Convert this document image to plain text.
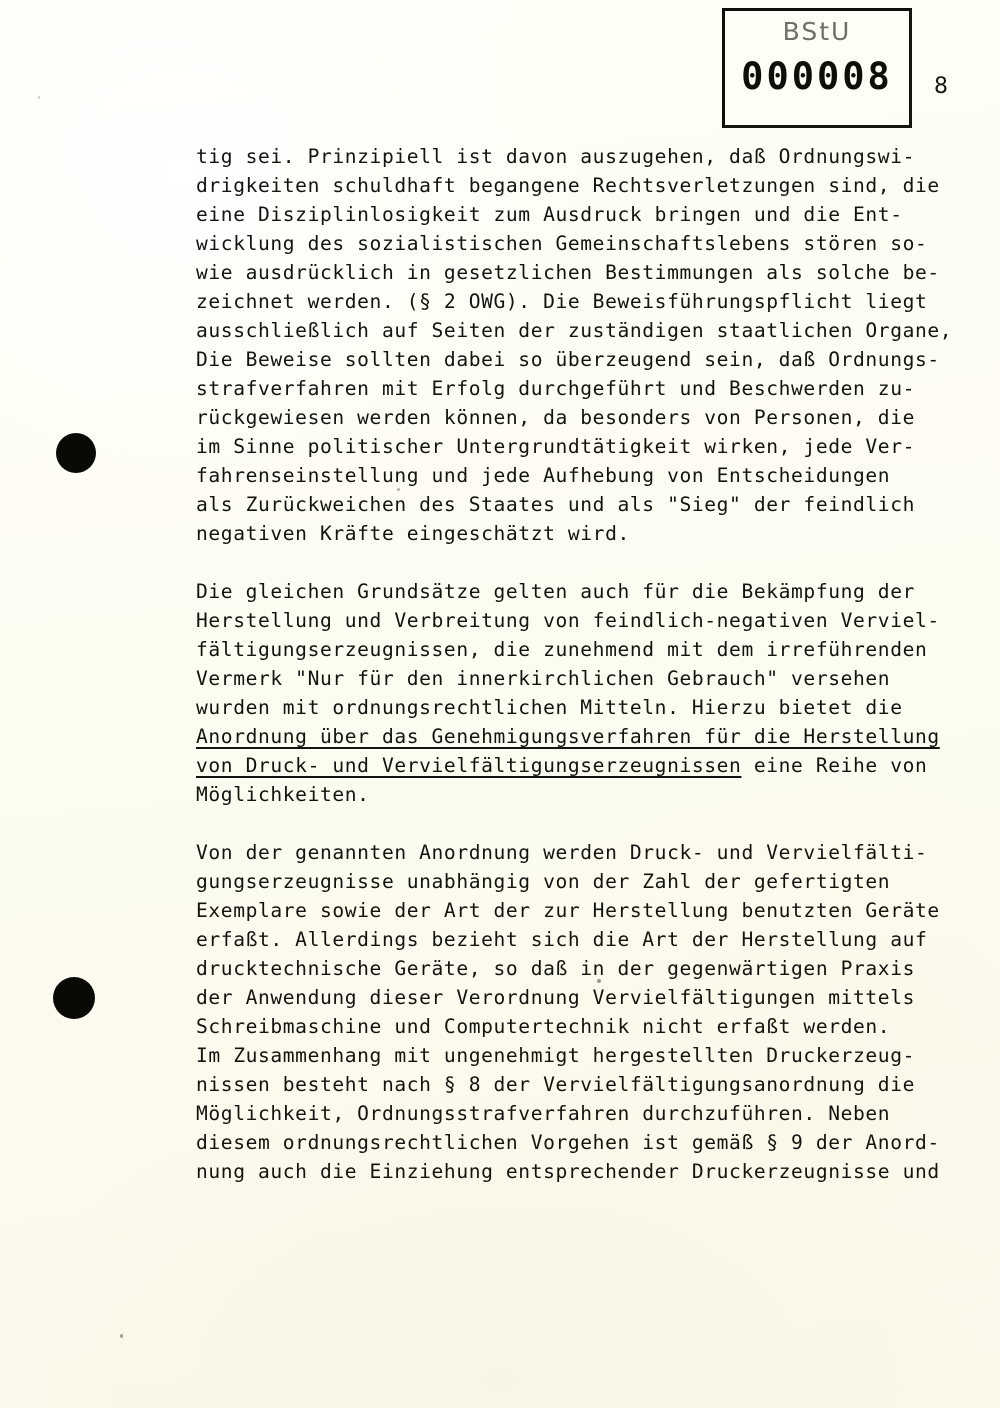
BStU
000008	8
tig sei. Prinzipiell ist davon auszugehen, daß Ordnungswi-
drigkeiten schuldhaft begangene Rechtsverletzungen sind, die
eine Disziplinlosigkeit zum Ausdruck bringen und die Ent-
wicklung des sozialistischen Gemeinschaftslebens stören so-
wie ausdrücklich in gesetzlichen Bestimmungen als solche be-
zeichnet werden. (§ 2 OWG). Die Beweisführungspflicht liegt
ausschließlich auf Seiten der zuständigen staatlichen Organe,
Die Beweise sollten dabei so überzeugend sein, daß Ordnungs-
strafverfahren mit Erfolg durchgeführt und Beschwerden zu-
rückgewiesen werden können, da besonders von Personen, die
im Sinne politischer Untergrundtätigkeit wirken, jede Ver-
fahrenseinstellung und jede Aufhebung von Entscheidungen
als Zurückweichen des Staates und als "Sieg" der feindlich
negativen Kräfte eingeschätzt wird.
Die gleichen Grundsätze gelten auch für die Bekämpfung der
Herstellung und Verbreitung von feindlich-negativen Verviel-
fältigungserzeugnissen, die zunehmend mit dem irreführenden
Vermerk "Nur für den innerkirchlichen Gebrauch" versehen
wurden mit ordnungsrechtlichen Mitteln. Hierzu bietet die
Anordnung über das Genehmigungsverfahren für die Herstellung
von Druck- und Vervielfältigungserzeugnissen eine Reihe von
Möglichkeiten.
Von der genannten Anordnung werden Druck- und Vervielfälti-
gungserzeugnisse unabhängig von der Zahl der gefertigten
Exemplare sowie der Art der zur Herstellung benutzten Geräte
erfaßt. Allerdings bezieht sich die Art der Herstellung auf
drucktechnische Geräte, so daß in der gegenwärtigen Praxis
der Anwendung dieser Verordnung Vervielfältigungen mittels
Schreibmaschine und Computertechnik nicht erfaßt werden.
Im Zusammenhang mit ungenehmigt hergestellten Druckerzeug-
nissen besteht nach § 8 der Vervielfältigungsanordnung die
Möglichkeit, Ordnungsstrafverfahren durchzuführen. Neben
diesem ordnungsrechtlichen Vorgehen ist gemäß § 9 der Anord-
nung auch die Einziehung entsprechender Druckerzeugnisse und
